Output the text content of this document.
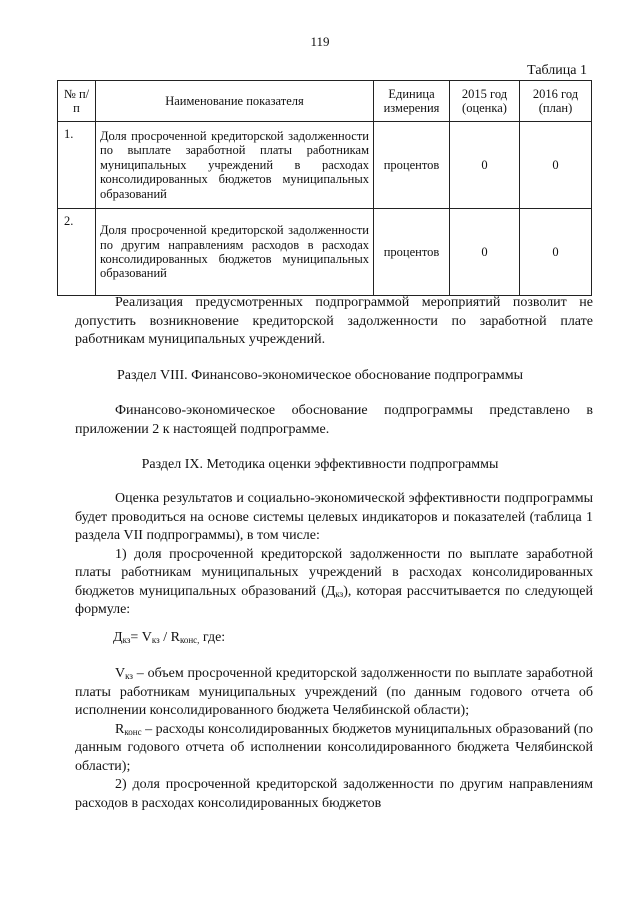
119
Таблица 1
№ п/п	Наименование показателя	Единица измерения	2015 год (оценка)	2016 год (план)
1.	Доля просроченной кредиторской задолженности по выплате заработной платы работникам муниципальных учреждений в расходах консолидированных бюджетов муниципальных образований	процентов	0	0
2.	Доля просроченной кредиторской задолженности по другим направлениям расходов в расходах консолидированных бюджетов муниципальных образований	процентов	0	0

Реализация предусмотренных подпрограммой мероприятий позволит не допустить возникновение кредиторской задолженности по заработной плате работникам муниципальных учреждений.

Раздел VIII. Финансово-экономическое обоснование подпрограммы

Финансово-экономическое обоснование подпрограммы представлено в приложении 2 к настоящей подпрограмме.

Раздел IX. Методика оценки эффективности подпрограммы

Оценка результатов и социально-экономической эффективности подпрограммы будет проводиться на основе системы целевых индикаторов и показателей (таблица 1 раздела VII подпрограммы), в том числе:

1) доля просроченной кредиторской задолженности по выплате заработной платы работникам муниципальных учреждений в расходах консолидированных бюджетов муниципальных образований $(Д_{кз})$, которая рассчитывается по следующей формуле:

$Д_{кз}= V_{кз} / R_{конс,}$ где:

$V_{кз}$ – объем просроченной кредиторской задолженности по выплате заработной платы работникам муниципальных учреждений (по данным годового отчета об исполнении консолидированного бюджета Челябинской области);

$R_{конс}$ – расходы консолидированных бюджетов муниципальных образований (по данным годового отчета об исполнении консолидированного бюджета Челябинской области);

2) доля просроченной кредиторской задолженности по другим направлениям расходов в расходах консолидированных бюджетов
